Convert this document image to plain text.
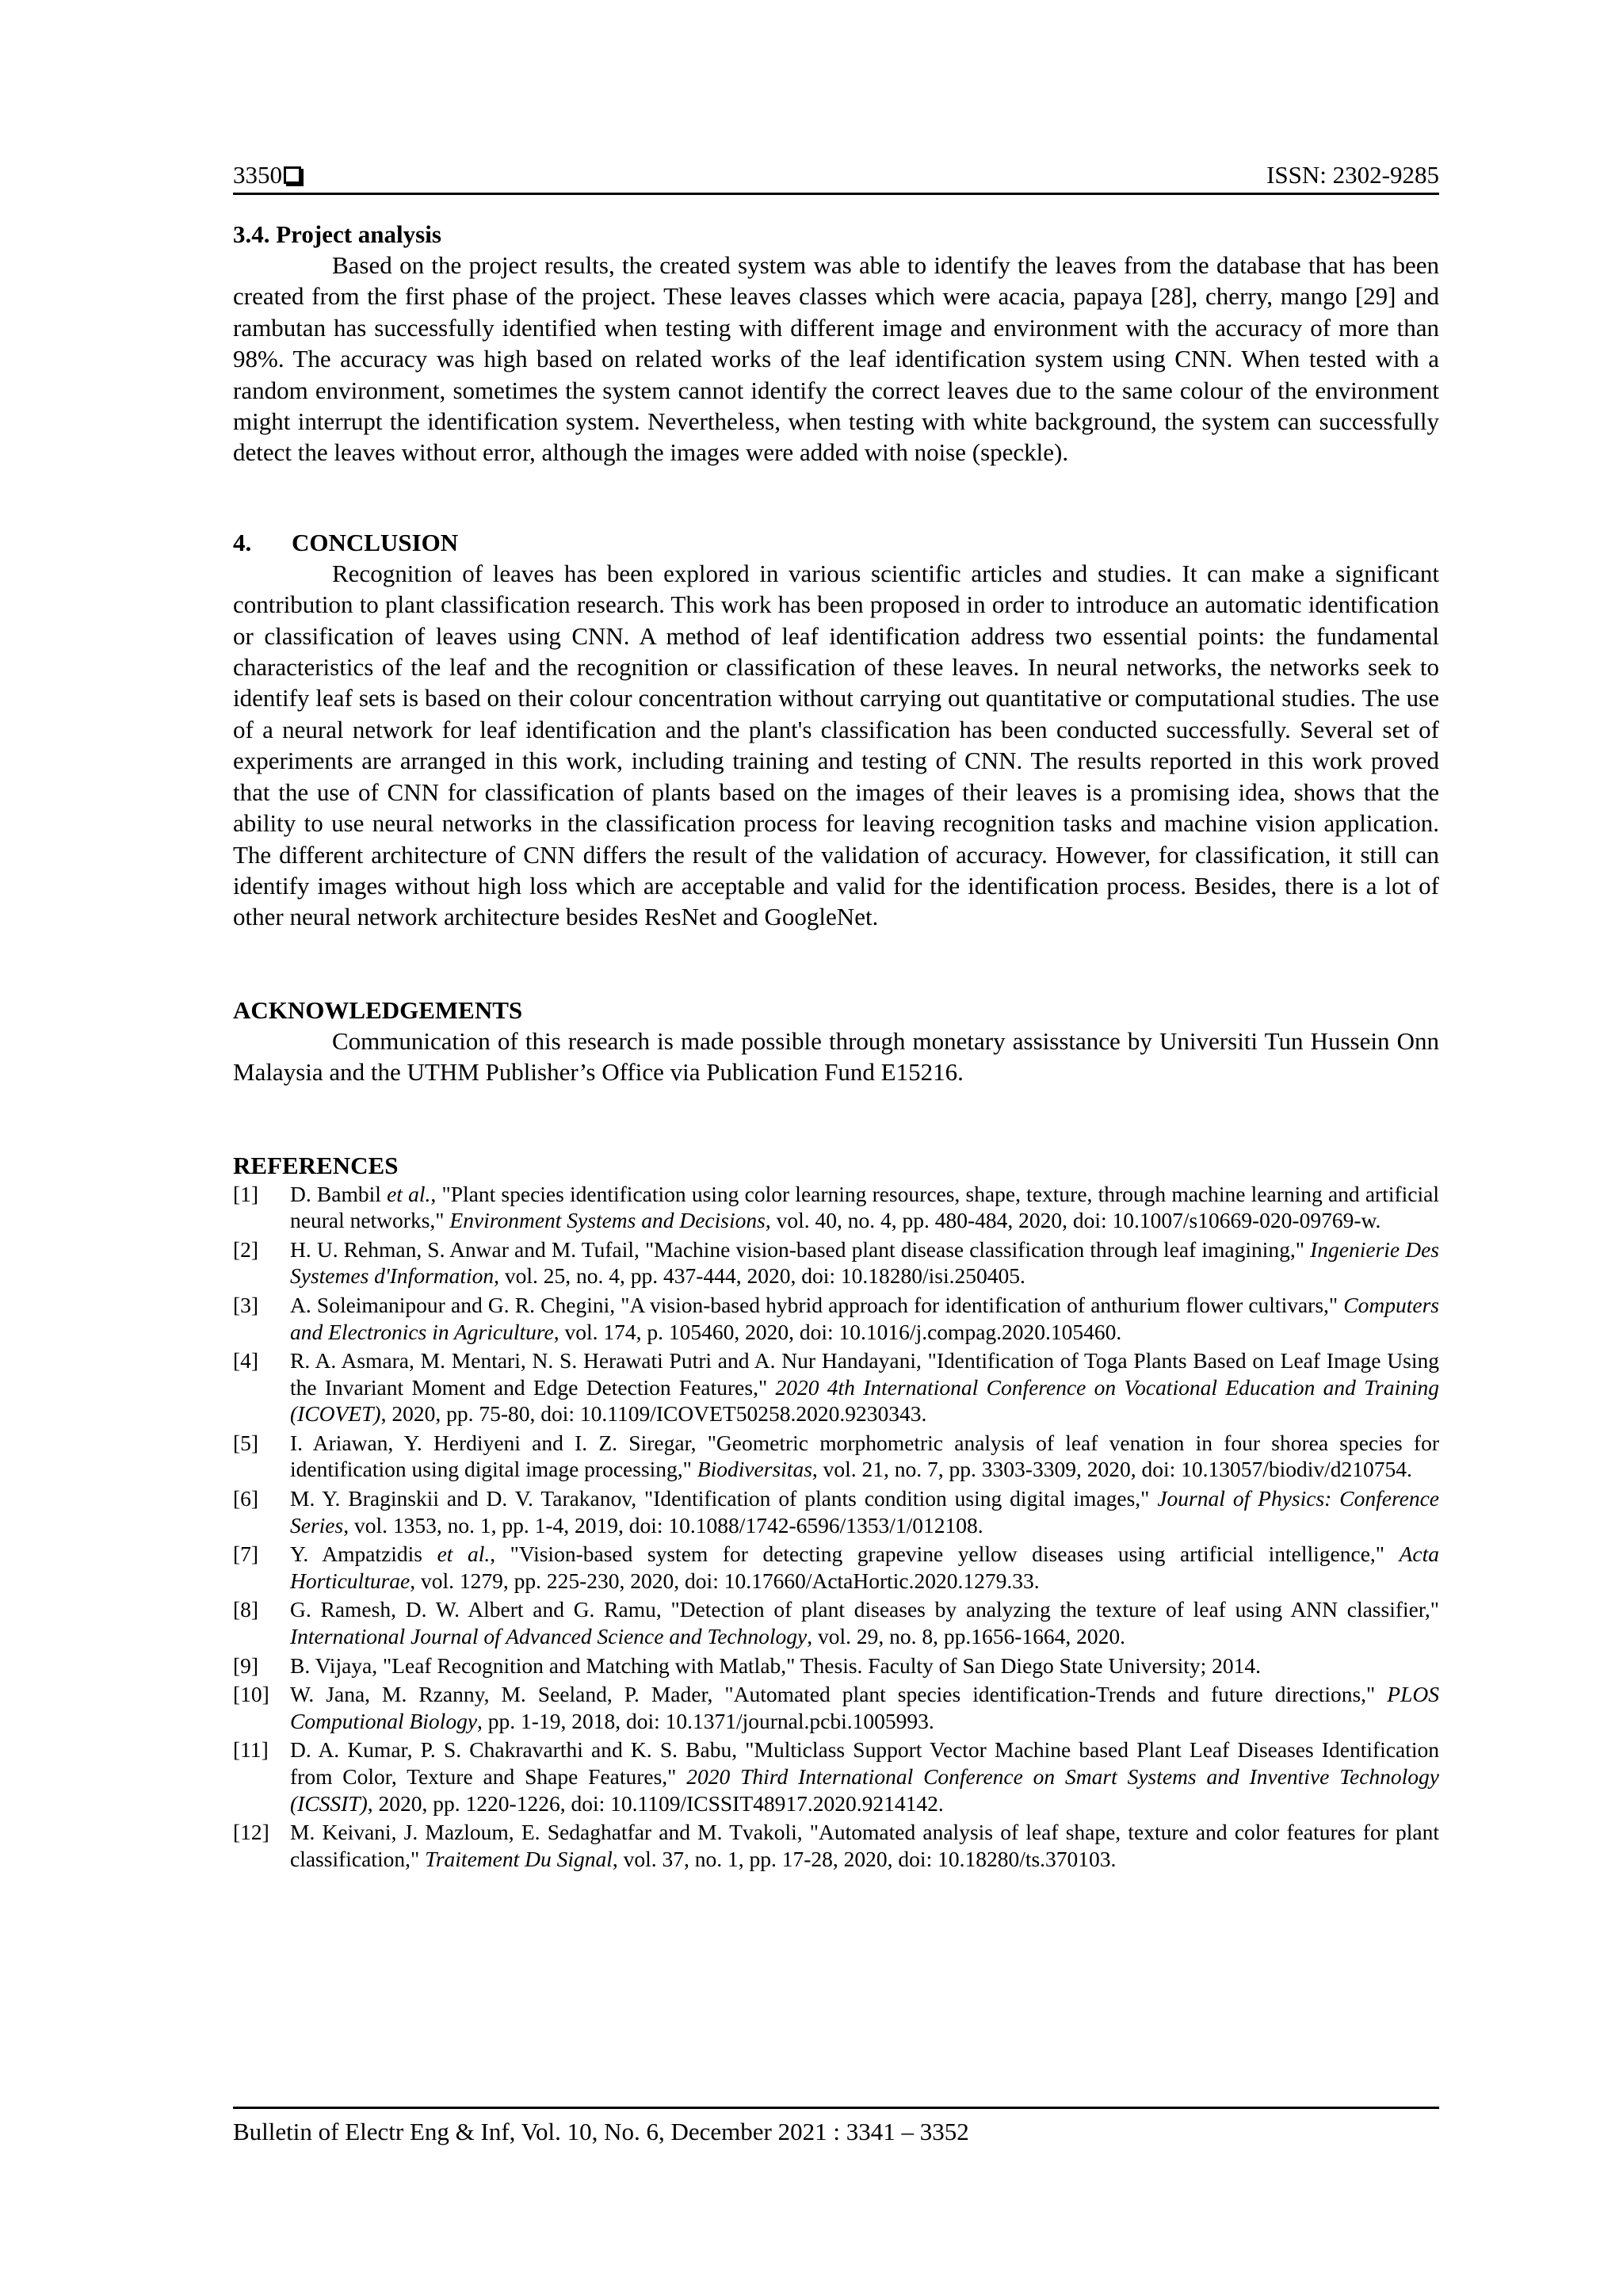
3350	ISSN: 2302-9285
3.4. Project analysis

Based on the project results, the created system was able to identify the leaves from the database that has been created from the first phase of the project. These leaves classes which were acacia, papaya [28], cherry, mango [29] and rambutan has successfully identified when testing with different image and environment with the accuracy of more than 98%. The accuracy was high based on related works of the leaf identification system using CNN. When tested with a random environment, sometimes the system cannot identify the correct leaves due to the same colour of the environment might interrupt the identification system. Nevertheless, when testing with white background, the system can successfully detect the leaves without error, although the images were added with noise (speckle).

4. CONCLUSION

Recognition of leaves has been explored in various scientific articles and studies. It can make a significant contribution to plant classification research. This work has been proposed in order to introduce an automatic identification or classification of leaves using CNN. A method of leaf identification address two essential points: the fundamental characteristics of the leaf and the recognition or classification of these leaves. In neural networks, the networks seek to identify leaf sets is based on their colour concentration without carrying out quantitative or computational studies. The use of a neural network for leaf identification and the plant's classification has been conducted successfully. Several set of experiments are arranged in this work, including training and testing of CNN. The results reported in this work proved that the use of CNN for classification of plants based on the images of their leaves is a promising idea, shows that the ability to use neural networks in the classification process for leaving recognition tasks and machine vision application. The different architecture of CNN differs the result of the validation of accuracy. However, for classification, it still can identify images without high loss which are acceptable and valid for the identification process. Besides, there is a lot of other neural network architecture besides ResNet and GoogleNet.

ACKNOWLEDGEMENTS

Communication of this research is made possible through monetary assisstance by Universiti Tun Hussein Onn Malaysia and the UTHM Publisher’s Office via Publication Fund E15216.

REFERENCES
[1]	D. Bambil et al., "Plant species identification using color learning resources, shape, texture, through machine learning and artificial neural networks," Environment Systems and Decisions, vol. 40, no. 4, pp. 480-484, 2020, doi: 10.1007/s10669-020-09769-w.
[2]	H. U. Rehman, S. Anwar and M. Tufail, "Machine vision-based plant disease classification through leaf imagining," Ingenierie Des Systemes d'Information, vol. 25, no. 4, pp. 437-444, 2020, doi: 10.18280/isi.250405.
[3]	A. Soleimanipour and G. R. Chegini, "A vision-based hybrid approach for identification of anthurium flower cultivars," Computers and Electronics in Agriculture, vol. 174, p. 105460, 2020, doi: 10.1016/j.compag.2020.105460.
[4]	R. A. Asmara, M. Mentari, N. S. Herawati Putri and A. Nur Handayani, "Identification of Toga Plants Based on Leaf Image Using the Invariant Moment and Edge Detection Features," 2020 4th International Conference on Vocational Education and Training (ICOVET), 2020, pp. 75-80, doi: 10.1109/ICOVET50258.2020.9230343.
[5]	I. Ariawan, Y. Herdiyeni and I. Z. Siregar, "Geometric morphometric analysis of leaf venation in four shorea species for identification using digital image processing," Biodiversitas, vol. 21, no. 7, pp. 3303-3309, 2020, doi: 10.13057/biodiv/d210754.
[6]	M. Y. Braginskii and D. V. Tarakanov, "Identification of plants condition using digital images," Journal of Physics: Conference Series, vol. 1353, no. 1, pp. 1-4, 2019, doi: 10.1088/1742-6596/1353/1/012108.
[7]	Y. Ampatzidis et al., "Vision-based system for detecting grapevine yellow diseases using artificial intelligence," Acta Horticulturae, vol. 1279, pp. 225-230, 2020, doi: 10.17660/ActaHortic.2020.1279.33.
[8]	G. Ramesh, D. W. Albert and G. Ramu, "Detection of plant diseases by analyzing the texture of leaf using ANN classifier," International Journal of Advanced Science and Technology, vol. 29, no. 8, pp.1656-1664, 2020.
[9]	B. Vijaya, "Leaf Recognition and Matching with Matlab," Thesis. Faculty of San Diego State University; 2014.
[10] W. Jana, M. Rzanny, M. Seeland, P. Mader, "Automated plant species identification-Trends and future directions," PLOS Computional Biology, pp. 1-19, 2018, doi: 10.1371/journal.pcbi.1005993.
[11] D. A. Kumar, P. S. Chakravarthi and K. S. Babu, "Multiclass Support Vector Machine based Plant Leaf Diseases Identification from Color, Texture and Shape Features," 2020 Third International Conference on Smart Systems and Inventive Technology (ICSSIT), 2020, pp. 1220-1226, doi: 10.1109/ICSSIT48917.2020.9214142.
[12] M. Keivani, J. Mazloum, E. Sedaghatfar and M. Tvakoli, "Automated analysis of leaf shape, texture and color features for plant classification," Traitement Du Signal, vol. 37, no. 1, pp. 17-28, 2020, doi: 10.18280/ts.370103.
Bulletin of Electr Eng & Inf, Vol. 10, No. 6, December 2021 : 3341 – 3352
